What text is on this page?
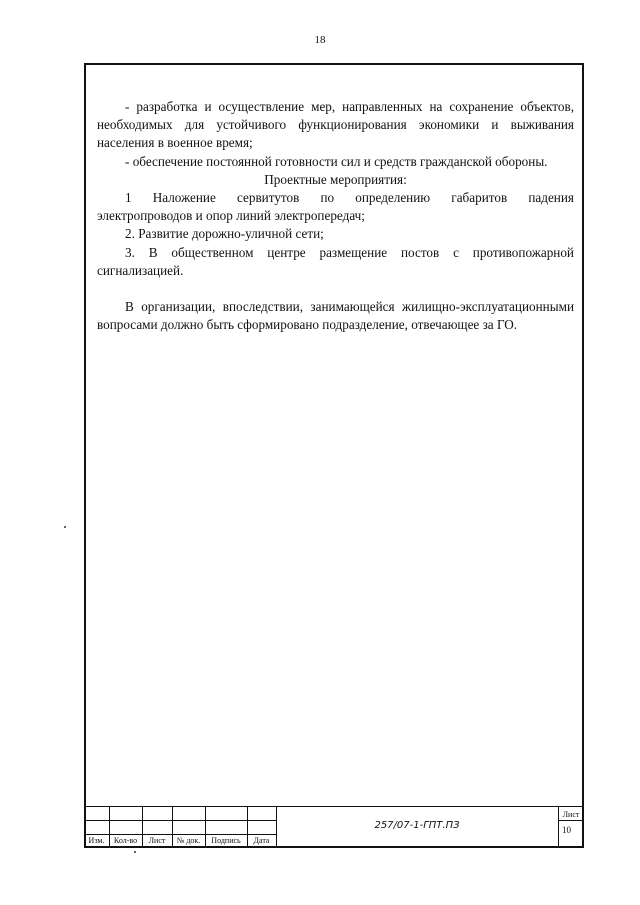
18

- разработка и осуществление мер, направленных на сохранение объектов, необходимых для устойчивого функционирования экономики и выживания населения в военное время;

- обеспечение постоянной готовности сил и средств гражданской обороны.

Проектные мероприятия:

1 Наложение сервитутов по определению габаритов падения

электропроводов и опор линий электропередач;

2. Развитие дорожно-уличной сети;

3. В общественном центре размещение постов с противопожарной сигнализацией.

В организации, впоследствии, занимающейся жилищно-эксплуатационными вопросами должно быть сформировано подразделение, отвечающее за ГО.

Изм.	Кол-во	Лист	№ док.	Подпись	Дата
257/07-1-ГПТ.ПЗ
Лист
10
